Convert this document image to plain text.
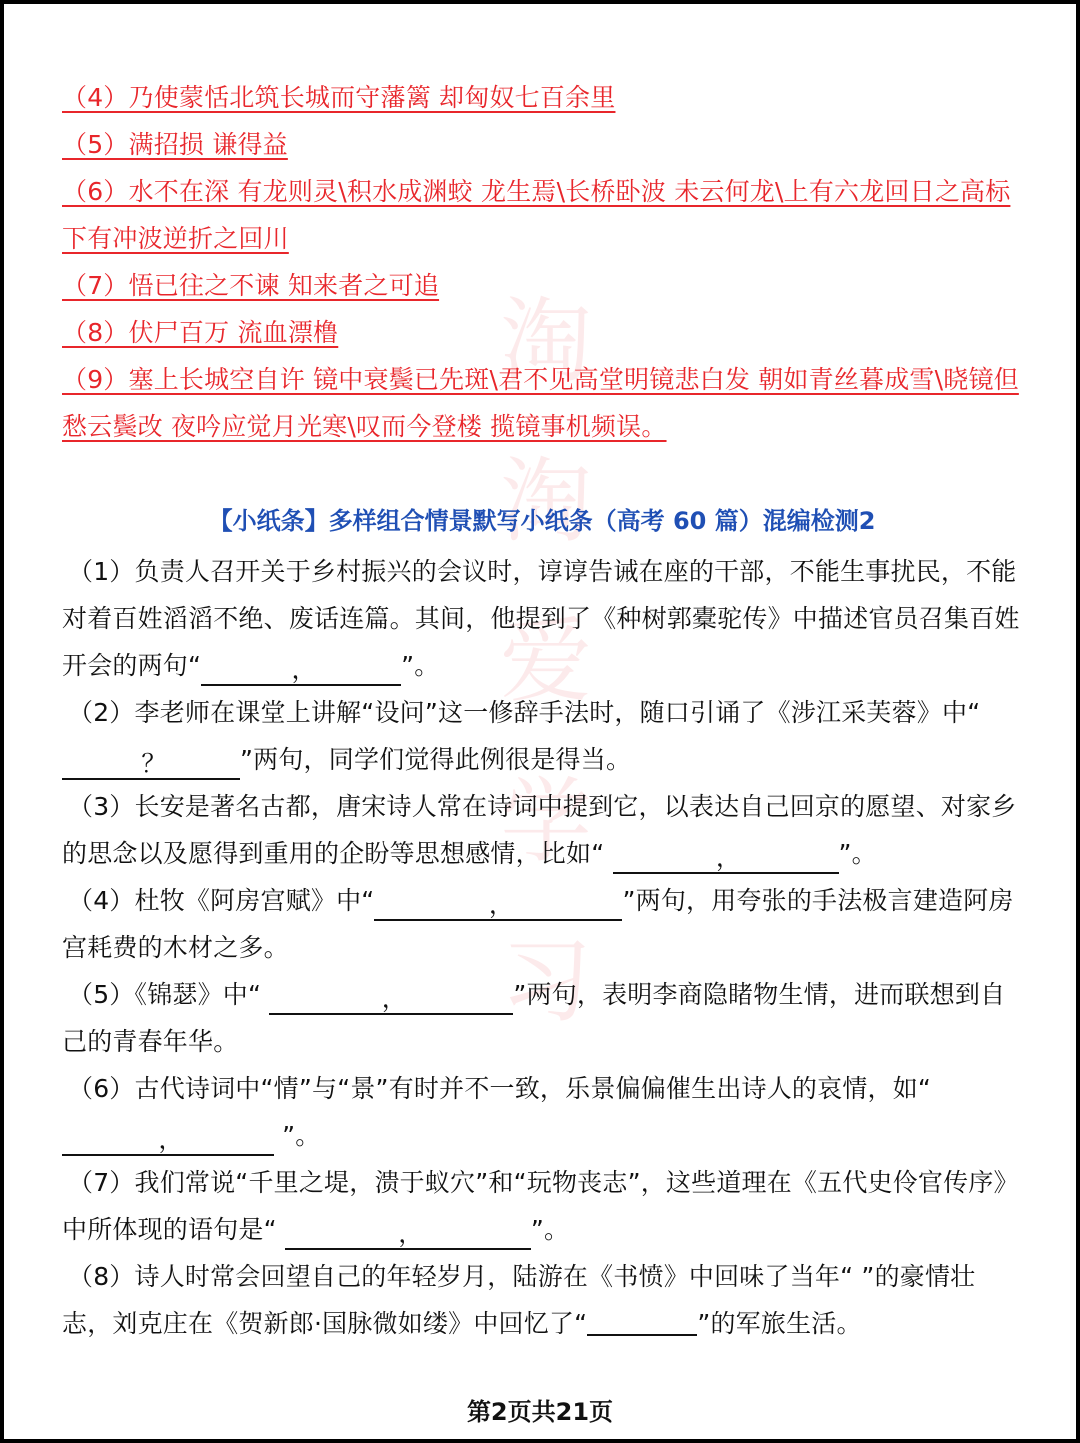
淘
淘
爱
学
习

（4）乃使蒙恬北筑长城而守藩篱 却匈奴七百余里

（5）满招损 谦得益

（6）水不在深 有龙则灵\积水成渊蛟 龙生焉\长桥卧波 未云何龙\上有六龙回日之高标 下有冲波逆折之回川

（7）悟已往之不谏 知来者之可追

（8）伏尸百万 流血漂橹

（9）塞上长城空自许 镜中衰鬓已先斑\君不见高堂明镜悲白发 朝如青丝暮成雪\晓镜但愁云鬓改 夜吟应觉月光寒\叹而今登楼 揽镜事机频误。

【小纸条】多样组合情景默写小纸条（高考 60 篇）混编检测2

（1）负责人召开关于乡村振兴的会议时，谆谆告诫在座的干部，不能生事扰民，不能对着百姓滔滔不绝、废话连篇。其间，他提到了《种树郭橐驼传》中描述官员召集百姓开会的两句“	，	”。

（2）李老师在课堂上讲解“设问”这一修辞手法时，随口引诵了《涉江采芙蓉》中“？	”两句，同学们觉得此例很是得当。

（3）长安是著名古都，唐宋诗人常在诗词中提到它，以表达自己回京的愿望、对家乡的思念以及愿得到重用的企盼等思想感情，比如“	，	”。

（4）杜牧《阿房宫赋》中“	，	”两句，用夸张的手法极言建造阿房宫耗费的木材之多。

（5）《锦瑟》中“	，	”两句，表明李商隐睹物生情，进而联想到自己的青春年华。

（6）古代诗词中“情”与“景”有时并不一致，乐景偏偏催生出诗人的哀情，如“ ，	”。

（7）我们常说“千里之堤，溃于蚁穴”和“玩物丧志”，这些道理在《五代史伶官传序》中所体现的语句是“	，	”。

（8）诗人时常会回望自己的年轻岁月，陆游在《书愤》中回味了当年“ ”的豪情壮志，刘克庄在《贺新郎·国脉微如缕》中回忆了“	”的军旅生活。

第2页共21页
